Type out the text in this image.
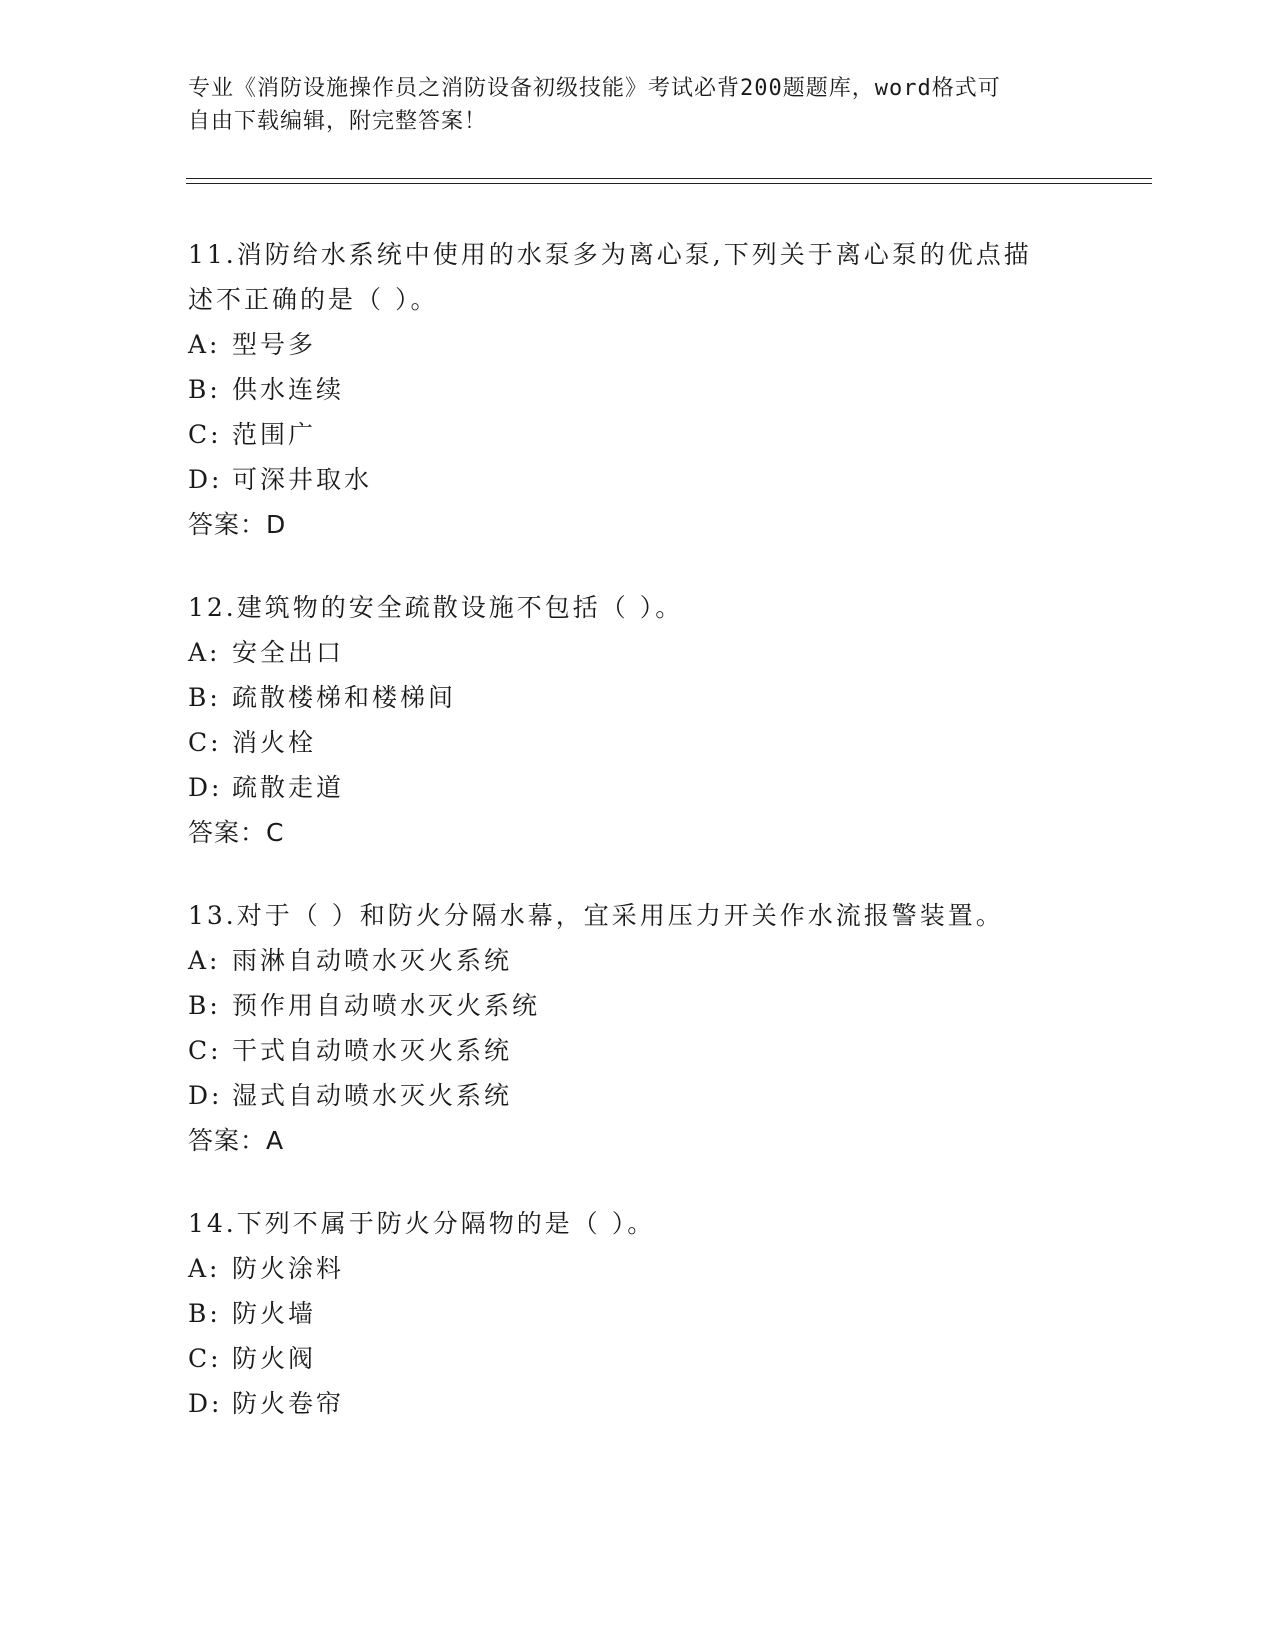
专业《消防设施操作员之消防设备初级技能》考试必背200题题库，word格式可
自由下载编辑，附完整答案！
11.消防给水系统中使用的水泵多为离心泵,下列关于离心泵的优点描
述不正确的是（ ）。
A: 型号多
B: 供水连续
C: 范围广
D: 可深井取水
答案：D
12.建筑物的安全疏散设施不包括（ ）。
A: 安全出口
B: 疏散楼梯和楼梯间
C: 消火栓
D: 疏散走道
答案：C
13.对于（ ）和防火分隔水幕，宜采用压力开关作水流报警装置。
A: 雨淋自动喷水灭火系统
B: 预作用自动喷水灭火系统
C: 干式自动喷水灭火系统
D: 湿式自动喷水灭火系统
答案：A
14.下列不属于防火分隔物的是（ ）。
A: 防火涂料
B: 防火墙
C: 防火阀
D: 防火卷帘
